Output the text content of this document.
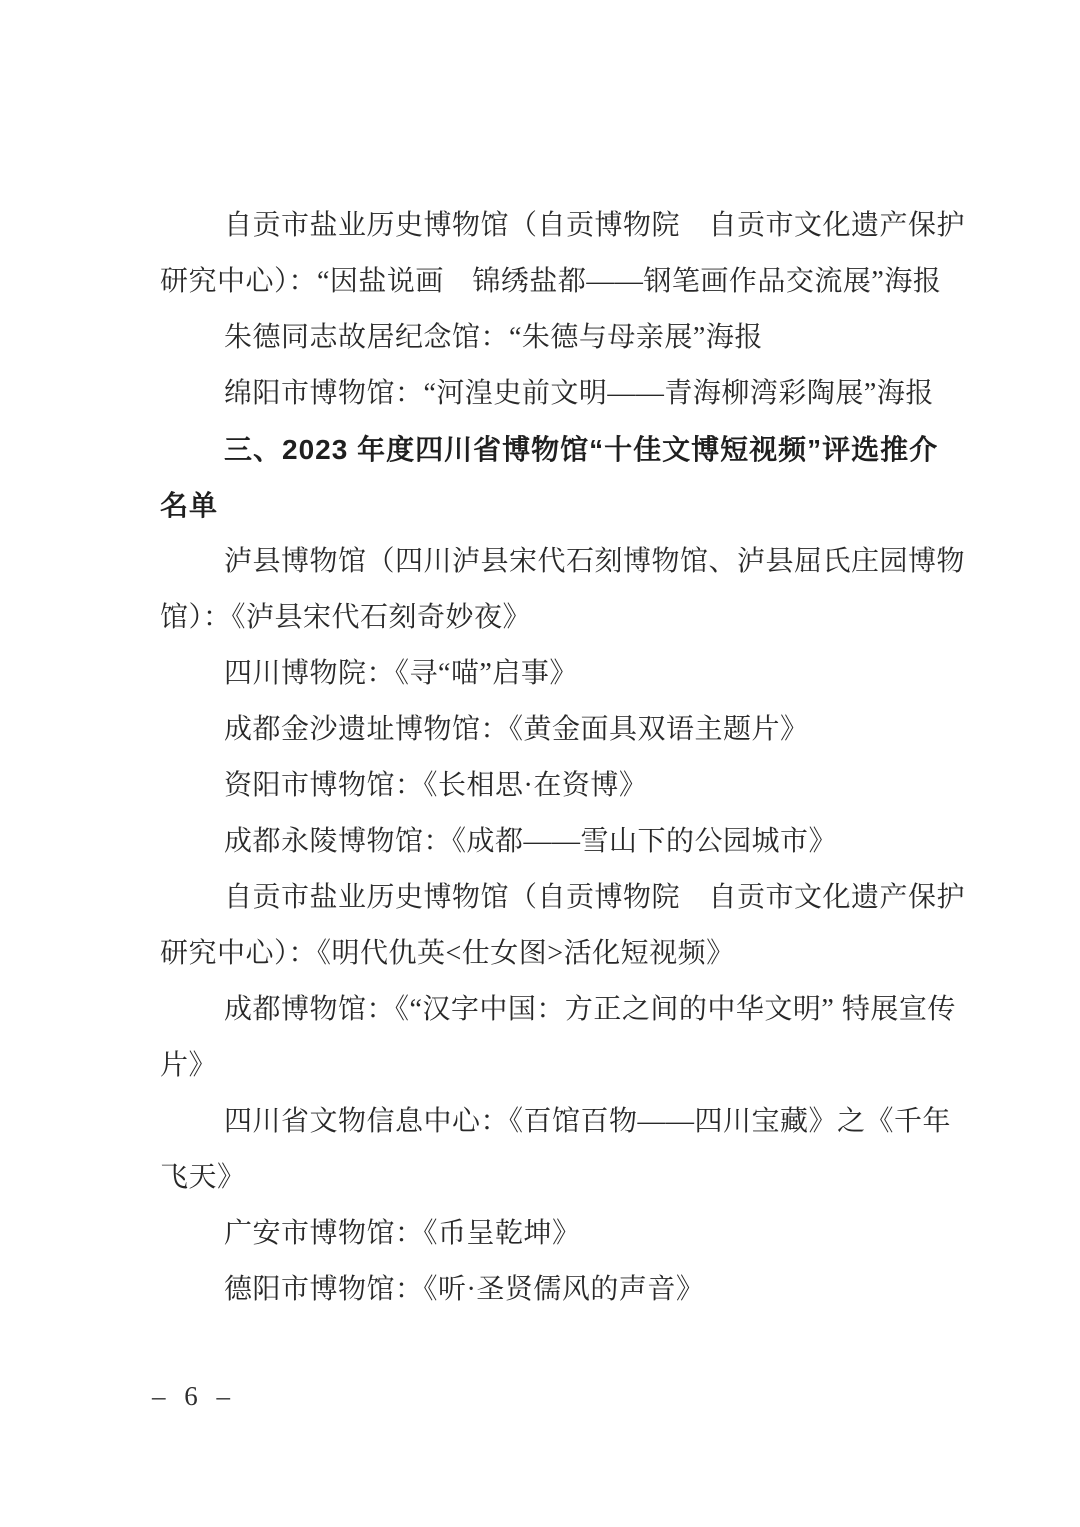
自贡市盐业历史博物馆（自贡博物院　自贡市文化遗产保护
研究中心）：“因盐说画　锦绣盐都——钢笔画作品交流展”海报
朱德同志故居纪念馆：“朱德与母亲展”海报
绵阳市博物馆：“河湟史前文明——青海柳湾彩陶展”海报
三、2023 年度四川省博物馆“十佳文博短视频”评选推介
名单
泸县博物馆（四川泸县宋代石刻博物馆、泸县屈氏庄园博物
馆）：《泸县宋代石刻奇妙夜》
四川博物院：《寻“喵”启事》
成都金沙遗址博物馆：《黄金面具双语主题片》
资阳市博物馆：《长相思·在资博》
成都永陵博物馆：《成都——雪山下的公园城市》
自贡市盐业历史博物馆（自贡博物院　自贡市文化遗产保护
研究中心）：《明代仇英<仕女图>活化短视频》
成都博物馆：《“汉字中国：方正之间的中华文明” 特展宣传
片》
四川省文物信息中心：《百馆百物——四川宝藏》之《千年
飞天》
广安市博物馆：《币呈乾坤》
德阳市博物馆：《听·圣贤儒风的声音》
– 6 –
